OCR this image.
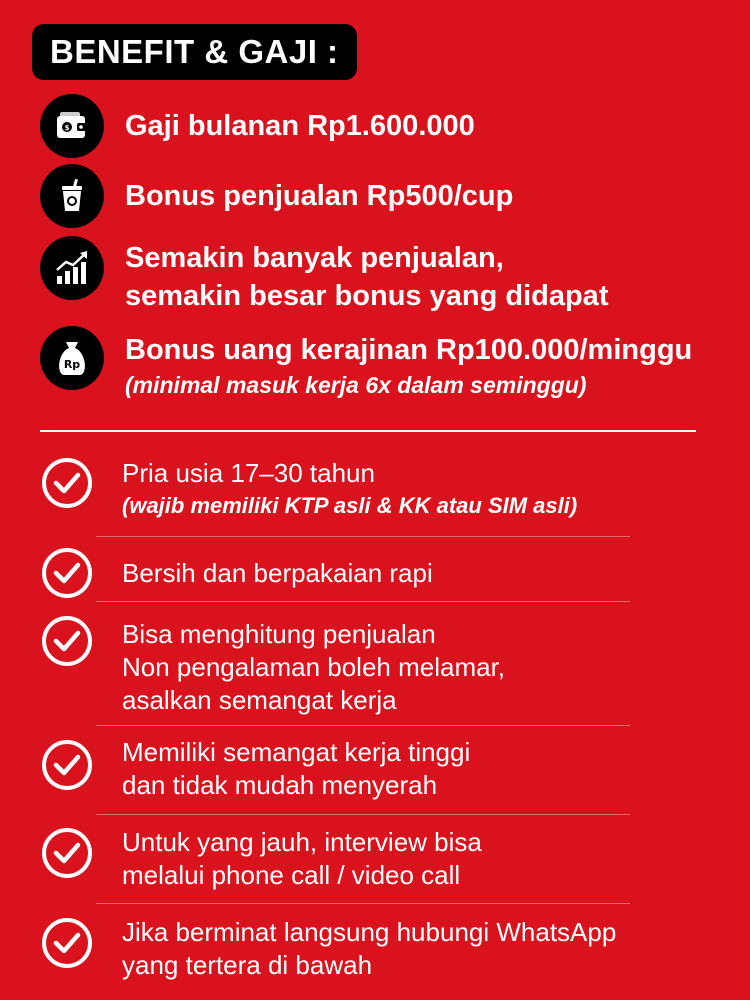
BENEFIT & GAJI :
$ Gaji bulanan Rp1.600.000
Bonus penjualan Rp500/cup
Semakin banyak penjualan,
semakin besar bonus yang didapat
Rp Bonus uang kerajinan Rp100.000/minggu
(minimal masuk kerja 6x dalam seminggu)
Pria usia 17–30 tahun
(wajib memiliki KTP asli & KK atau SIM asli)
Bersih dan berpakaian rapi
Bisa menghitung penjualan
Non pengalaman boleh melamar,
asalkan semangat kerja
Memiliki semangat kerja tinggi
dan tidak mudah menyerah
Untuk yang jauh, interview bisa
melalui phone call / video call
Jika berminat langsung hubungi WhatsApp
yang tertera di bawah
